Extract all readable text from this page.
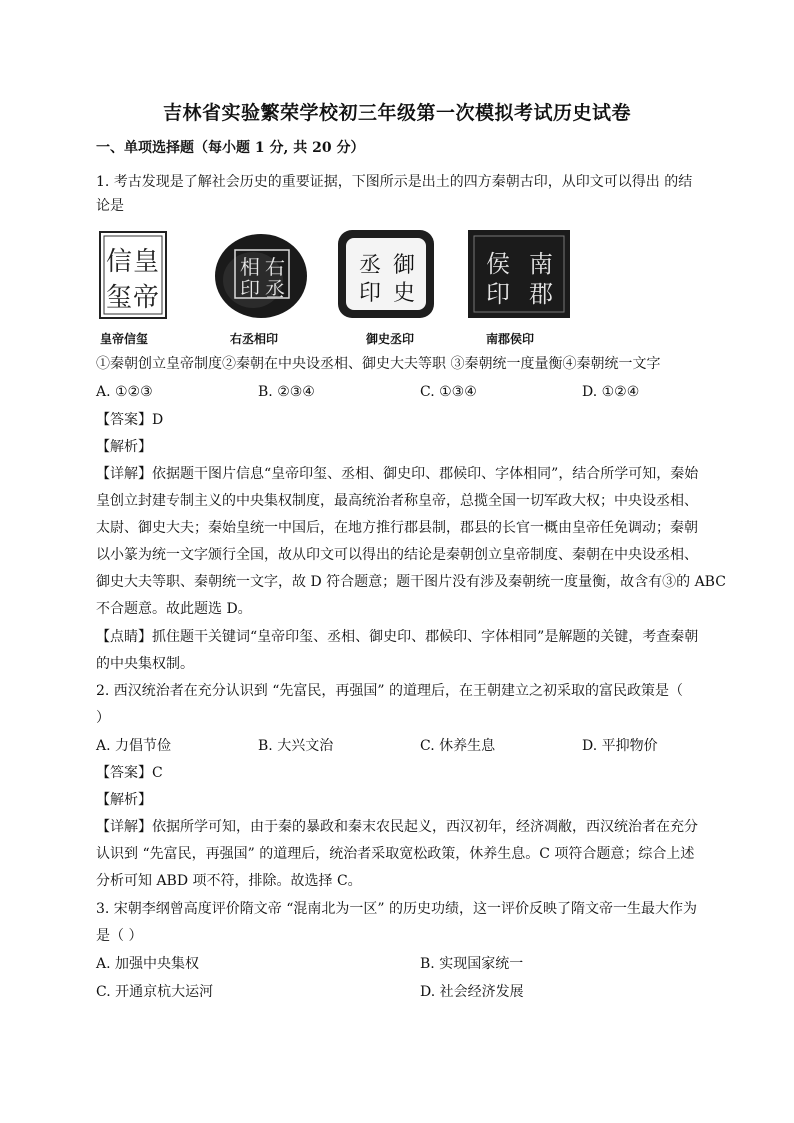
吉林省实验繁荣学校初三年级第一次模拟考试历史试卷
一、单项选择题（每小题 1 分, 共 20 分）
1. 考古发现是了解社会历史的重要证据，下图所示是出土的四方秦朝古印，从印文可以得出 的结
论是
皇
帝
信
玺
右
丞
相
印
御
史
丞
印
南
郡
侯
印
皇帝信玺	右丞相印	御史丞印	南郡侯印
①秦朝创立皇帝制度②秦朝在中央设丞相、御史大夫等职 ③秦朝统一度量衡④秦朝统一文字
A. ①②③	B. ②③④	C. ①③④	D. ①②④
【答案】D
【解析】
【详解】依据题干图片信息“皇帝印玺、丞相、御史印、郡候印、字体相同”，结合所学可知，秦始
皇创立封建专制主义的中央集权制度，最高统治者称皇帝，总揽全国一切军政大权；中央设丞相、
太尉、御史大夫；秦始皇统一中国后，在地方推行郡县制，郡县的长官一概由皇帝任免调动；秦朝
以小篆为统一文字颁行全国，故从印文可以得出的结论是秦朝创立皇帝制度、秦朝在中央设丞相、
御史大夫等职、秦朝统一文字，故 D 符合题意；题干图片没有涉及秦朝统一度量衡，故含有③的 ABC
不合题意。故此题选 D。
【点睛】抓住题干关键词“皇帝印玺、丞相、御史印、郡候印、字体相同”是解题的关键，考查秦朝
的中央集权制。
2. 西汉统治者在充分认识到 “先富民，再强国” 的道理后，在王朝建立之初采取的富民政策是（
）
A. 力倡节俭	B. 大兴文治	C. 休养生息	D. 平抑物价
【答案】C
【解析】
【详解】依据所学可知，由于秦的暴政和秦末农民起义，西汉初年，经济凋敝，西汉统治者在充分
认识到 “先富民，再强国” 的道理后，统治者采取宽松政策，休养生息。C 项符合题意；综合上述
分析可知 ABD 项不符，排除。故选择 C。
3. 宋朝李纲曾高度评价隋文帝 “混南北为一区” 的历史功绩，这一评价反映了隋文帝一生最大作为
是（ ）
A. 加强中央集权	B. 实现国家统一
C. 开通京杭大运河	D. 社会经济发展
